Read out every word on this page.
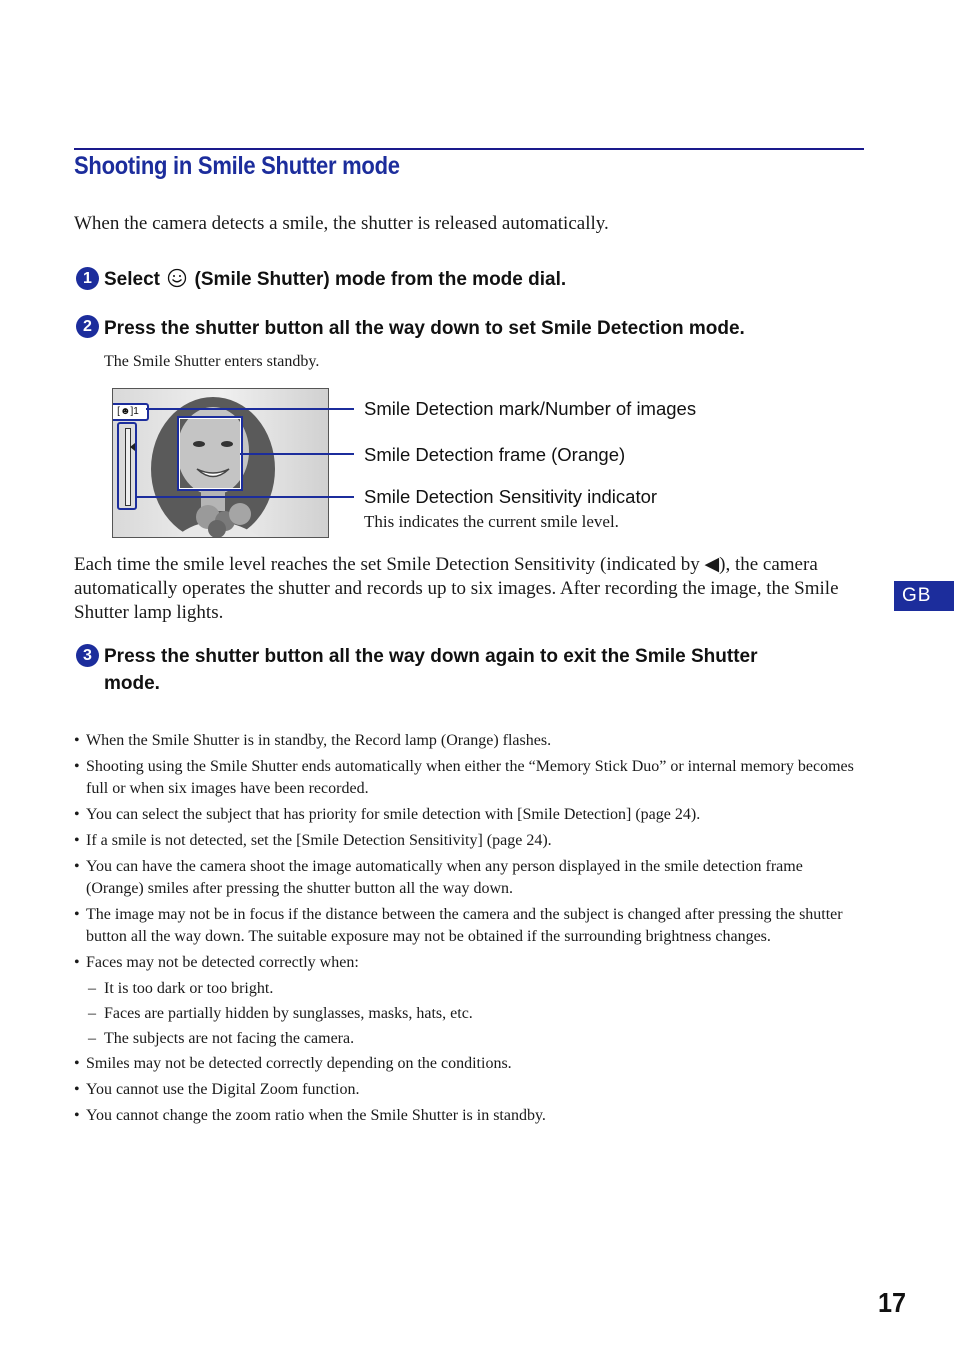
Shooting in Smile Shutter mode
When the camera detects a smile, the shutter is released automatically.
1 Select (Smile Shutter) mode from the mode dial.
2 Press the shutter button all the way down to set Smile Detection mode.
The Smile Shutter enters standby.
[☻]1	Smile Detection mark/Number of images
Smile Detection frame (Orange)
Smile Detection Sensitivity indicator
This indicates the current smile level.
Each time the smile level reaches the set Smile Detection Sensitivity (indicated by ◀), the camera automatically operates the shutter and records up to six images. After recording the image, the Smile Shutter lamp lights.
3 Press the shutter button all the way down again to exit the Smile Shutter
mode.
• When the Smile Shutter is in standby, the Record lamp (Orange) flashes.
• Shooting using the Smile Shutter ends automatically when either the “Memory Stick Duo” or internal memory becomes full or when six images have been recorded.
• You can select the subject that has priority for smile detection with [Smile Detection] (page 24).
• If a smile is not detected, set the [Smile Detection Sensitivity] (page 24).
• You can have the camera shoot the image automatically when any person displayed in the smile detection frame (Orange) smiles after pressing the shutter button all the way down.
• The image may not be in focus if the distance between the camera and the subject is changed after pressing the shutter button all the way down. The suitable exposure may not be obtained if the surrounding brightness changes.
• Faces may not be detected correctly when:
– It is too dark or too bright.
– Faces are partially hidden by sunglasses, masks, hats, etc.
– The subjects are not facing the camera.
• Smiles may not be detected correctly depending on the conditions.
• You cannot use the Digital Zoom function.
• You cannot change the zoom ratio when the Smile Shutter is in standby.
GB
17
